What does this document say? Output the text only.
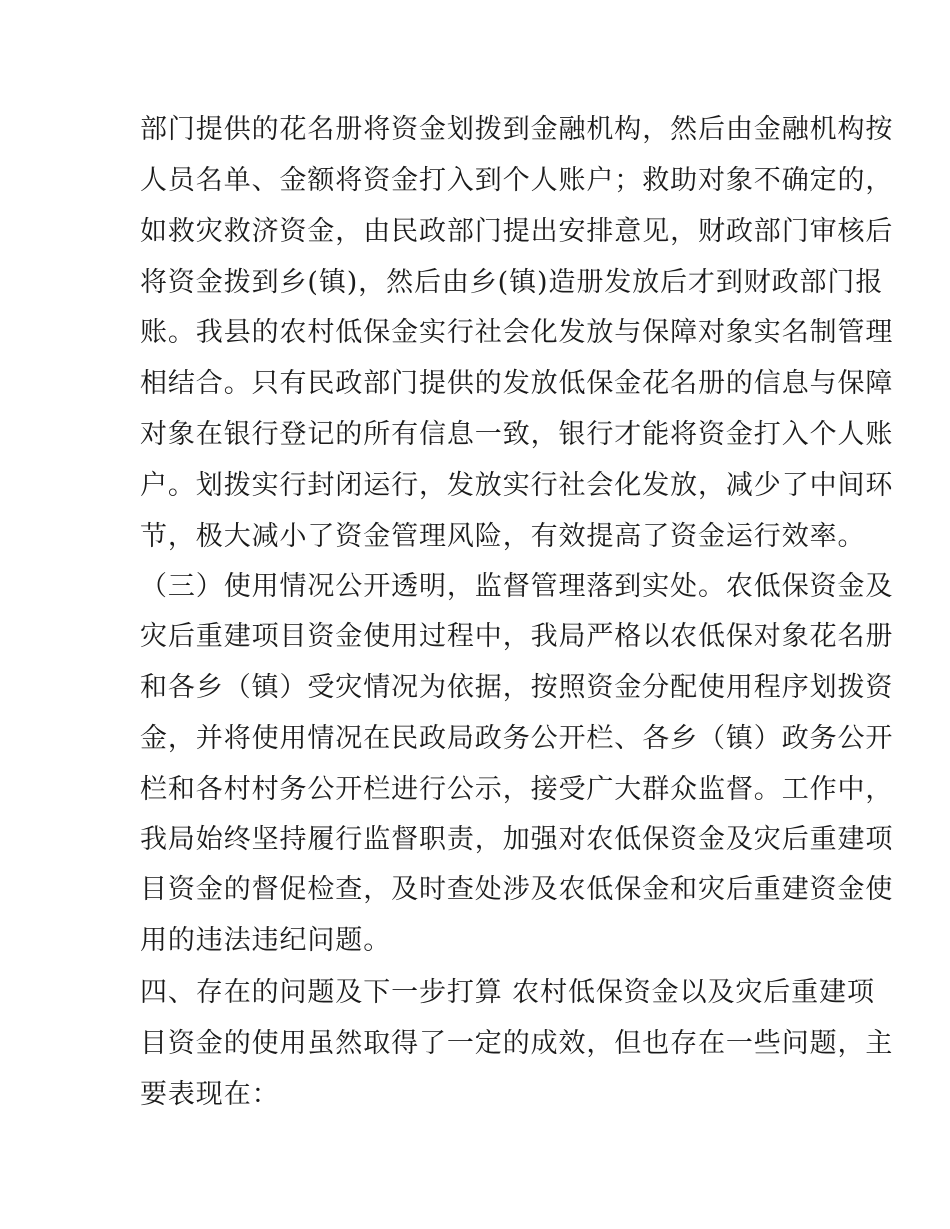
部门提供的花名册将资金划拨到金融机构，然后由金融机构按
人员名单、金额将资金打入到个人账户；救助对象不确定的，
如救灾救济资金，由民政部门提出安排意见，财政部门审核后
将资金拨到乡(镇)，然后由乡(镇)造册发放后才到财政部门报
账。我县的农村低保金实行社会化发放与保障对象实名制管理
相结合。只有民政部门提供的发放低保金花名册的信息与保障
对象在银行登记的所有信息一致，银行才能将资金打入个人账
户。划拨实行封闭运行，发放实行社会化发放，减少了中间环
节，极大减小了资金管理风险，有效提高了资金运行效率。
（三）使用情况公开透明，监督管理落到实处。农低保资金及
灾后重建项目资金使用过程中，我局严格以农低保对象花名册
和各乡（镇）受灾情况为依据，按照资金分配使用程序划拨资
金，并将使用情况在民政局政务公开栏、各乡（镇）政务公开
栏和各村村务公开栏进行公示，接受广大群众监督。工作中，
我局始终坚持履行监督职责，加强对农低保资金及灾后重建项
目资金的督促检查，及时查处涉及农低保金和灾后重建资金使
用的违法违纪问题。
四、存在的问题及下一步打算 农村低保资金以及灾后重建项
目资金的使用虽然取得了一定的成效，但也存在一些问题，主
要表现在：
